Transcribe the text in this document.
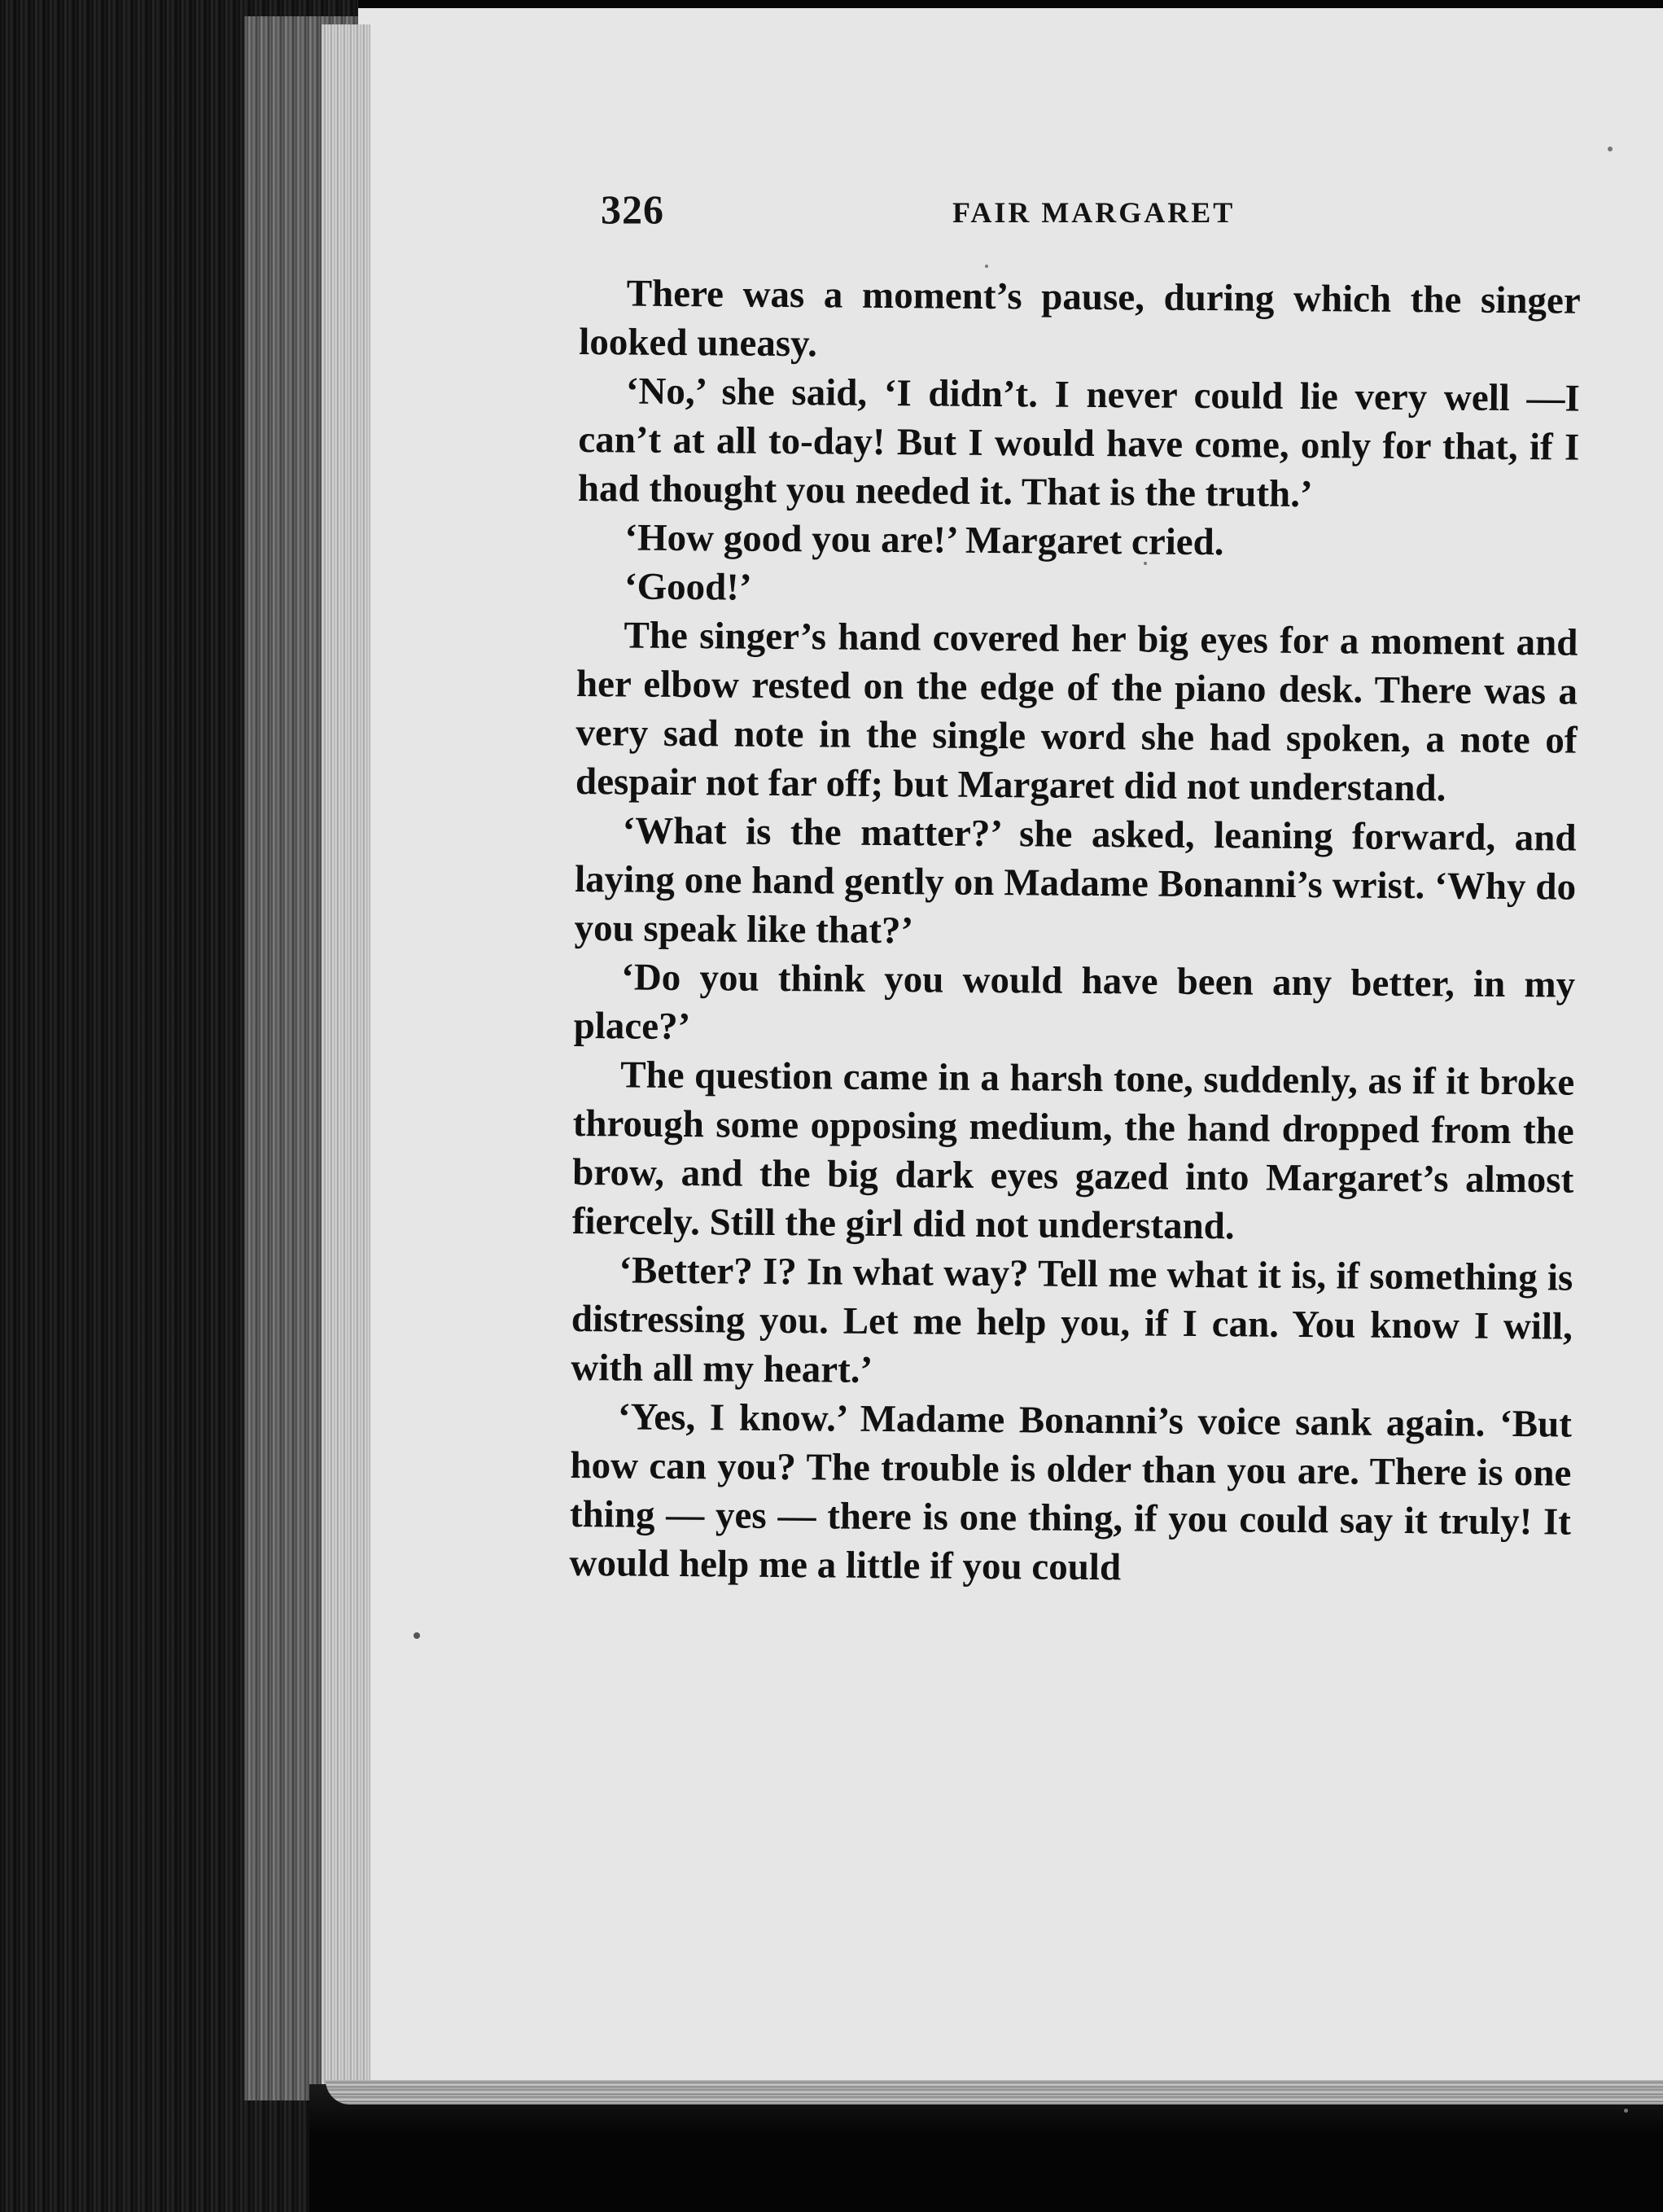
326	FAIR MARGARET

There was a moment’s pause, during which the singer looked uneasy.

‘No,’ she said, ‘I didn’t. I never could lie very well —I can’t at all to-day! But I would have come, only for that, if I had thought you needed it. That is the truth.’

‘How good you are!’ Margaret cried.

‘Good!’

The singer’s hand covered her big eyes for a moment and her elbow rested on the edge of the piano desk. There was a very sad note in the single word she had spoken, a note of despair not far off; but Margaret did not understand.

‘What is the matter?’ she asked, leaning forward, and laying one hand gently on Madame Bonanni’s wrist. ‘Why do you speak like that?’

‘Do you think you would have been any better, in my place?’

The question came in a harsh tone, suddenly, as if it broke through some opposing medium, the hand dropped from the brow, and the big dark eyes gazed into Margaret’s almost fiercely. Still the girl did not understand.

‘Better? I? In what way? Tell me what it is, if something is distressing you. Let me help you, if I can. You know I will, with all my heart.’

‘Yes, I know.’ Madame Bonanni’s voice sank again. ‘But how can you? The trouble is older than you are. There is one thing — yes — there is one thing, if you could say it truly! It would help me a little if you could
